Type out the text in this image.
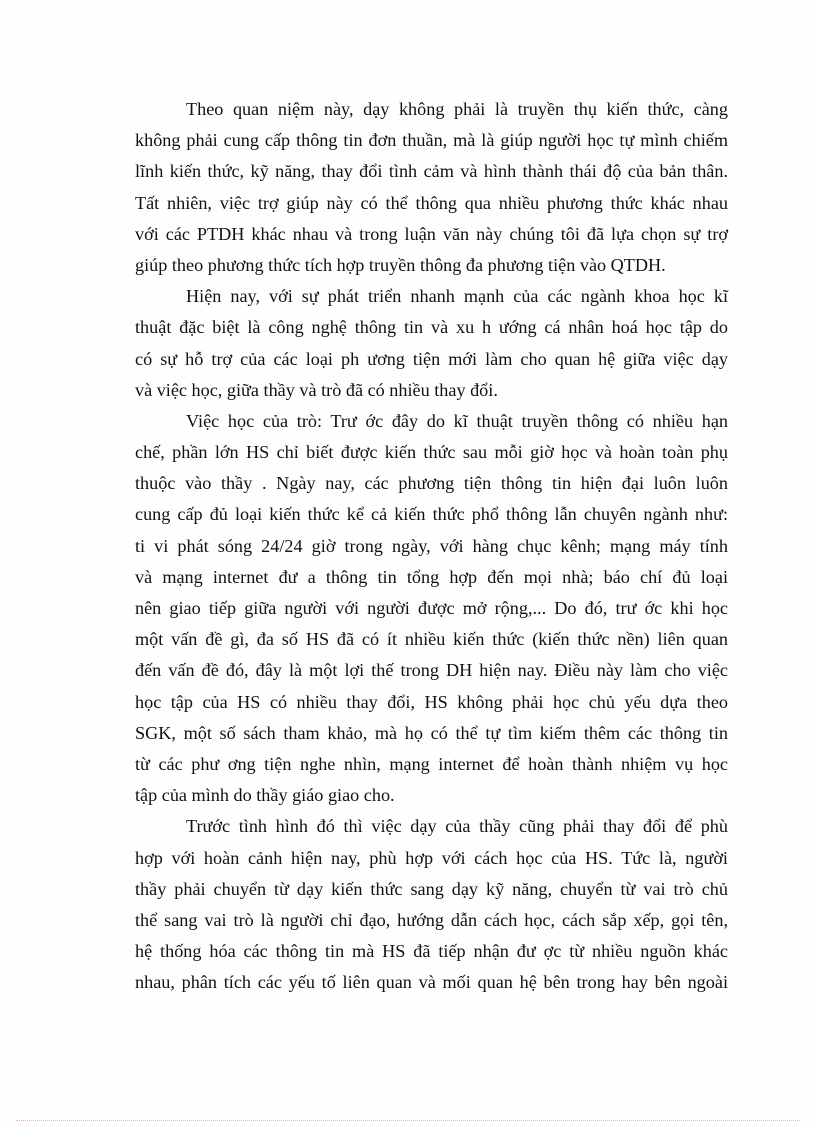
Theo quan niệm này, dạy không phải là truyền thụ kiến thức, càng
không phải cung cấp thông tin đơn thuần, mà là giúp người học tự mình chiếm
lĩnh kiến thức, kỹ năng, thay đổi tình cảm và hình thành thái độ của bản thân.
Tất nhiên, việc trợ giúp này có thể thông qua nhiều phương thức khác nhau
với các PTDH khác nhau và trong luận văn này chúng tôi đã lựa chọn sự trợ
giúp theo phương thức tích hợp truyền thông đa phương tiện vào QTDH.
Hiện nay, với sự phát triển nhanh mạnh của các ngành khoa học kĩ
thuật đặc biệt là công nghệ thông tin và xu h ướng cá nhân hoá học tập do
có sự hỗ trợ của các loại ph ương tiện mới làm cho quan hệ giữa việc dạy
và việc học, giữa thầy và trò đã có nhiều thay đổi.
Việc học của trò: Trư ớc đây do kĩ thuật truyền thông có nhiều hạn
chế, phần lớn HS chỉ biết được kiến thức sau mỗi giờ học và hoàn toàn phụ
thuộc vào thầy . Ngày nay, các phương tiện thông tin hiện đại luôn luôn
cung cấp đủ loại kiến thức kể cả kiến thức phổ thông lẫn chuyên ngành như:
ti vi phát sóng 24/24 giờ trong ngày, với hàng chục kênh; mạng máy tính
và mạng internet đư a thông tin tổng hợp đến mọi nhà; báo chí đủ loại
nên giao tiếp giữa người với người được mở rộng,... Do đó, trư ớc khi học
một vấn đề gì, đa số HS đã có ít nhiều kiến thức (kiến thức nền) liên quan
đến vấn đề đó, đây là một lợi thế trong DH hiện nay. Điều này làm cho việc
học tập của HS có nhiều thay đổi, HS không phải học chủ yếu dựa theo
SGK, một số sách tham khảo, mà họ có thể tự tìm kiếm thêm các thông tin
từ các phư ơng tiện nghe nhìn, mạng internet để hoàn thành nhiệm vụ học
tập của mình do thầy giáo giao cho.
Trước tình hình đó thì việc dạy của thầy cũng phải thay đổi để phù
hợp với hoàn cảnh hiện nay, phù hợp với cách học của HS. Tức là, người
thầy phải chuyển từ dạy kiến thức sang dạy kỹ năng, chuyển từ vai trò chủ
thể sang vai trò là người chỉ đạo, hướng dẫn cách học, cách sắp xếp, gọi tên,
hệ thống hóa các thông tin mà HS đã tiếp nhận đư ợc từ nhiều nguồn khác
nhau, phân tích các yếu tố liên quan và mối quan hệ bên trong hay bên ngoài
